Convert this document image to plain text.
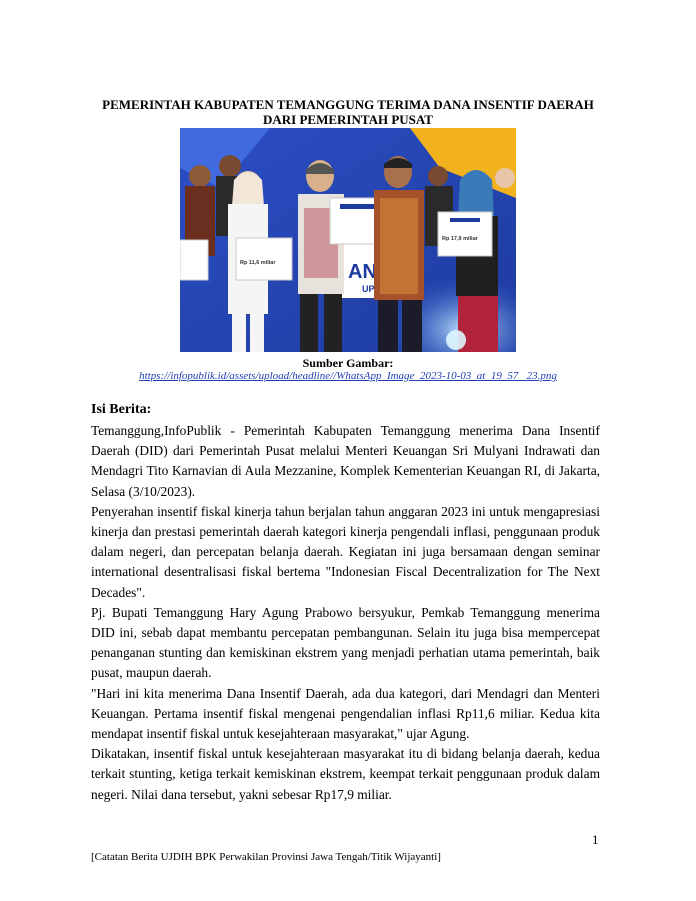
PEMERINTAH KABUPATEN TEMANGGUNG TERIMA DANA INSENTIF DAERAH DARI PEMERINTAH PUSAT
Rp 11,6 miliar
Rp 17,9 miliar
Sumber Gambar:
https://infopublik.id/assets/upload/headline//WhatsApp_Image_2023-10-03_at_19_57_ 23.png
Isi Berita:

Temanggung,InfoPublik - Pemerintah Kabupaten Temanggung menerima Dana Insentif Daerah (DID) dari Pemerintah Pusat melalui Menteri Keuangan Sri Mulyani Indrawati dan Mendagri Tito Karnavian di Aula Mezzanine, Komplek Kementerian Keuangan RI, di Jakarta, Selasa (3/10/2023).

Penyerahan insentif fiskal kinerja tahun berjalan tahun anggaran 2023 ini untuk mengapresiasi kinerja dan prestasi pemerintah daerah kategori kinerja pengendali inflasi, penggunaan produk dalam negeri, dan percepatan belanja daerah. Kegiatan ini juga bersamaan dengan seminar international desentralisasi fiskal bertema "Indonesian Fiscal Decentralization for The Next Decades".

Pj. Bupati Temanggung Hary Agung Prabowo bersyukur, Pemkab Temanggung menerima DID ini, sebab dapat membantu percepatan pembangunan. Selain itu juga bisa mempercepat penanganan stunting dan kemiskinan ekstrem yang menjadi perhatian utama pemerintah, baik pusat, maupun daerah.

"Hari ini kita menerima Dana Insentif Daerah, ada dua kategori, dari Mendagri dan Menteri Keuangan. Pertama insentif fiskal mengenai pengendalian inflasi Rp11,6 miliar. Kedua kita mendapat insentif fiskal untuk kesejahteraan masyarakat," ujar Agung.

Dikatakan, insentif fiskal untuk kesejahteraan masyarakat itu di bidang belanja daerah, kedua terkait stunting, ketiga terkait kemiskinan ekstrem, keempat terkait penggunaan produk dalam negeri. Nilai dana tersebut, yakni sebesar Rp17,9 miliar.

1
[Catatan Berita UJDIH BPK Perwakilan Provinsi Jawa Tengah/Titik Wijayanti]
